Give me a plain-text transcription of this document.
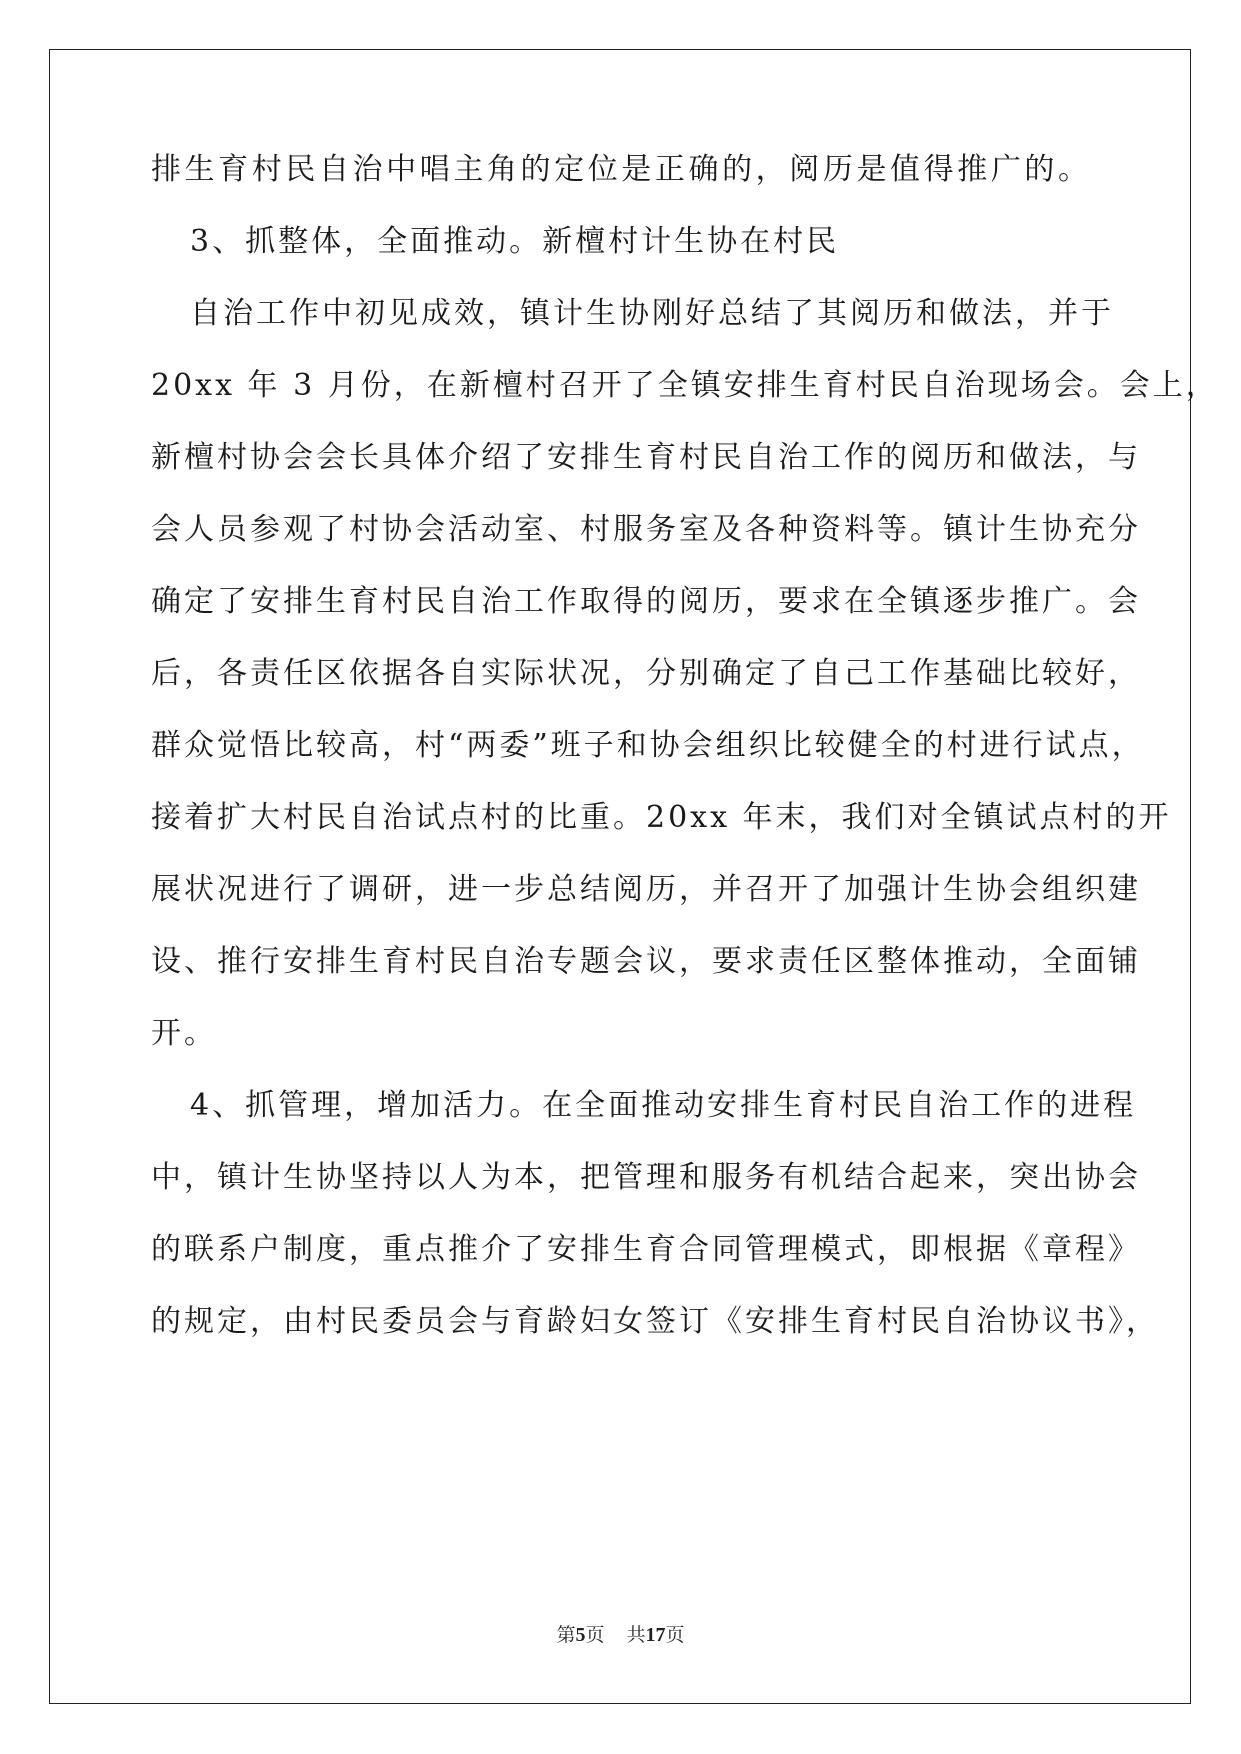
排生育村民自治中唱主角的定位是正确的，阅历是值得推广的。
3、抓整体，全面推动。新檀村计生协在村民
自治工作中初见成效，镇计生协刚好总结了其阅历和做法，并于
20xx 年 3 月份，在新檀村召开了全镇安排生育村民自治现场会。会上，
新檀村协会会长具体介绍了安排生育村民自治工作的阅历和做法，与
会人员参观了村协会活动室、村服务室及各种资料等。镇计生协充分
确定了安排生育村民自治工作取得的阅历，要求在全镇逐步推广。会
后，各责任区依据各自实际状况，分别确定了自己工作基础比较好，
群众觉悟比较高，村“两委”班子和协会组织比较健全的村进行试点，
接着扩大村民自治试点村的比重。20xx 年末，我们对全镇试点村的开
展状况进行了调研，进一步总结阅历，并召开了加强计生协会组织建
设、推行安排生育村民自治专题会议，要求责任区整体推动，全面铺
开。
4、抓管理，增加活力。在全面推动安排生育村民自治工作的进程
中，镇计生协坚持以人为本，把管理和服务有机结合起来，突出协会
的联系户制度，重点推介了安排生育合同管理模式，即根据《章程》
的规定，由村民委员会与育龄妇女签订《安排生育村民自治协议书》，
第5页 共17页
